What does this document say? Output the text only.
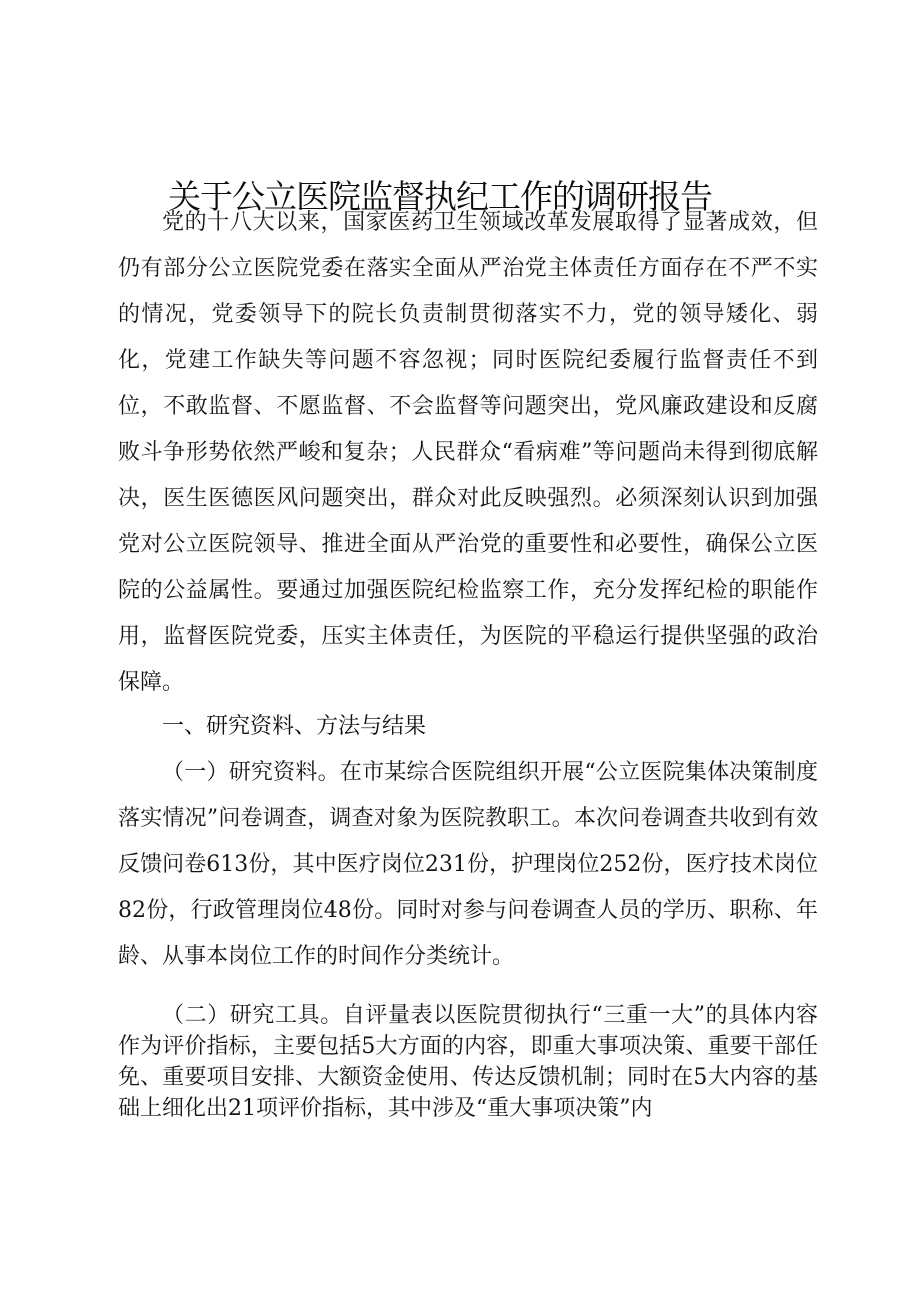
关于公立医院监督执纪工作的调研报告

党的十八大以来，国家医药卫生领域改革发展取得了显著成效，但仍有部分公立医院党委在落实全面从严治党主体责任方面存在不严不实的情况，党委领导下的院长负责制贯彻落实不力，党的领导矮化、弱化，党建工作缺失等问题不容忽视；同时医院纪委履行监督责任不到位，不敢监督、不愿监督、不会监督等问题突出，党风廉政建设和反腐败斗争形势依然严峻和复杂；人民群众“看病难”等问题尚未得到彻底解决，医生医德医风问题突出，群众对此反映强烈。必须深刻认识到加强党对公立医院领导、推进全面从严治党的重要性和必要性，确保公立医院的公益属性。要通过加强医院纪检监察工作，充分发挥纪检的职能作用，监督医院党委，压实主体责任，为医院的平稳运行提供坚强的政治保障。

一、研究资料、方法与结果

（一）研究资料。在市某综合医院组织开展“公立医院集体决策制度落实情况”问卷调查，调查对象为医院教职工。本次问卷调查共收到有效反馈问卷613份，其中医疗岗位231份，护理岗位252份，医疗技术岗位82份，行政管理岗位48份。同时对参与问卷调查人员的学历、职称、年龄、从事本岗位工作的时间作分类统计。

（二）研究工具。自评量表以医院贯彻执行“三重一大”的具体内容作为评价指标，主要包括5大方面的内容，即重大事项决策、重要干部任免、重要项目安排、大额资金使用、传达反馈机制；同时在5大内容的基础上细化出21项评价指标，其中涉及“重大事项决策”内
